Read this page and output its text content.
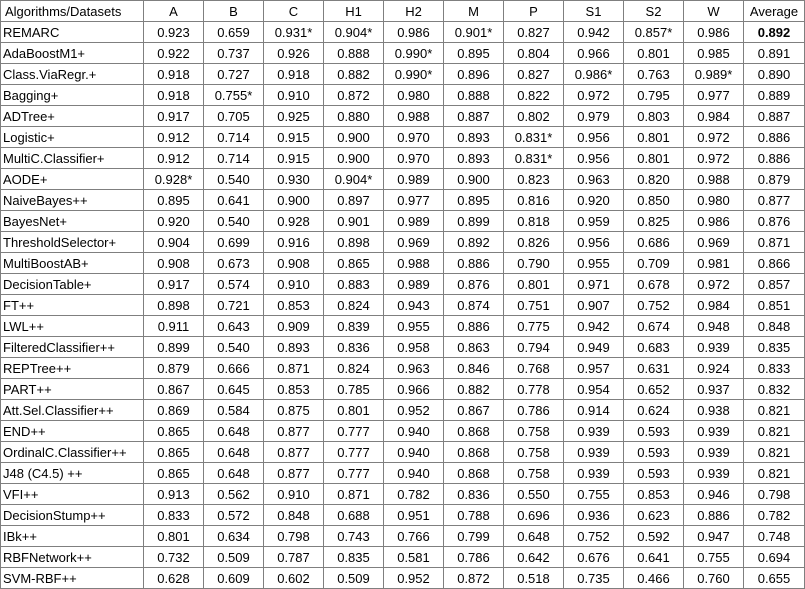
Algorithms/Datasets	A	B	C	H1	H2	M	P	S1	S2	W	Average
REMARC	0.923	0.659	0.931*	0.904*	0.986	0.901*	0.827	0.942	0.857*	0.986	0.892
AdaBoostM1+	0.922	0.737	0.926	0.888	0.990*	0.895	0.804	0.966	0.801	0.985	0.891
Class.ViaRegr.+	0.918	0.727	0.918	0.882	0.990*	0.896	0.827	0.986*	0.763	0.989*	0.890
Bagging+	0.918	0.755*	0.910	0.872	0.980	0.888	0.822	0.972	0.795	0.977	0.889
ADTree+	0.917	0.705	0.925	0.880	0.988	0.887	0.802	0.979	0.803	0.984	0.887
Logistic+	0.912	0.714	0.915	0.900	0.970	0.893	0.831*	0.956	0.801	0.972	0.886
MultiC.Classifier+	0.912	0.714	0.915	0.900	0.970	0.893	0.831*	0.956	0.801	0.972	0.886
AODE+	0.928*	0.540	0.930	0.904*	0.989	0.900	0.823	0.963	0.820	0.988	0.879
NaiveBayes++	0.895	0.641	0.900	0.897	0.977	0.895	0.816	0.920	0.850	0.980	0.877
BayesNet+	0.920	0.540	0.928	0.901	0.989	0.899	0.818	0.959	0.825	0.986	0.876
ThresholdSelector+	0.904	0.699	0.916	0.898	0.969	0.892	0.826	0.956	0.686	0.969	0.871
MultiBoostAB+	0.908	0.673	0.908	0.865	0.988	0.886	0.790	0.955	0.709	0.981	0.866
DecisionTable+	0.917	0.574	0.910	0.883	0.989	0.876	0.801	0.971	0.678	0.972	0.857
FT++	0.898	0.721	0.853	0.824	0.943	0.874	0.751	0.907	0.752	0.984	0.851
LWL++	0.911	0.643	0.909	0.839	0.955	0.886	0.775	0.942	0.674	0.948	0.848
FilteredClassifier++	0.899	0.540	0.893	0.836	0.958	0.863	0.794	0.949	0.683	0.939	0.835
REPTree++	0.879	0.666	0.871	0.824	0.963	0.846	0.768	0.957	0.631	0.924	0.833
PART++	0.867	0.645	0.853	0.785	0.966	0.882	0.778	0.954	0.652	0.937	0.832
Att.Sel.Classifier++	0.869	0.584	0.875	0.801	0.952	0.867	0.786	0.914	0.624	0.938	0.821
END++	0.865	0.648	0.877	0.777	0.940	0.868	0.758	0.939	0.593	0.939	0.821
OrdinalC.Classifier++	0.865	0.648	0.877	0.777	0.940	0.868	0.758	0.939	0.593	0.939	0.821
J48 (C4.5) ++	0.865	0.648	0.877	0.777	0.940	0.868	0.758	0.939	0.593	0.939	0.821
VFI++	0.913	0.562	0.910	0.871	0.782	0.836	0.550	0.755	0.853	0.946	0.798
DecisionStump++	0.833	0.572	0.848	0.688	0.951	0.788	0.696	0.936	0.623	0.886	0.782
IBk++	0.801	0.634	0.798	0.743	0.766	0.799	0.648	0.752	0.592	0.947	0.748
RBFNetwork++	0.732	0.509	0.787	0.835	0.581	0.786	0.642	0.676	0.641	0.755	0.694
SVM-RBF++	0.628	0.609	0.602	0.509	0.952	0.872	0.518	0.735	0.466	0.760	0.655
